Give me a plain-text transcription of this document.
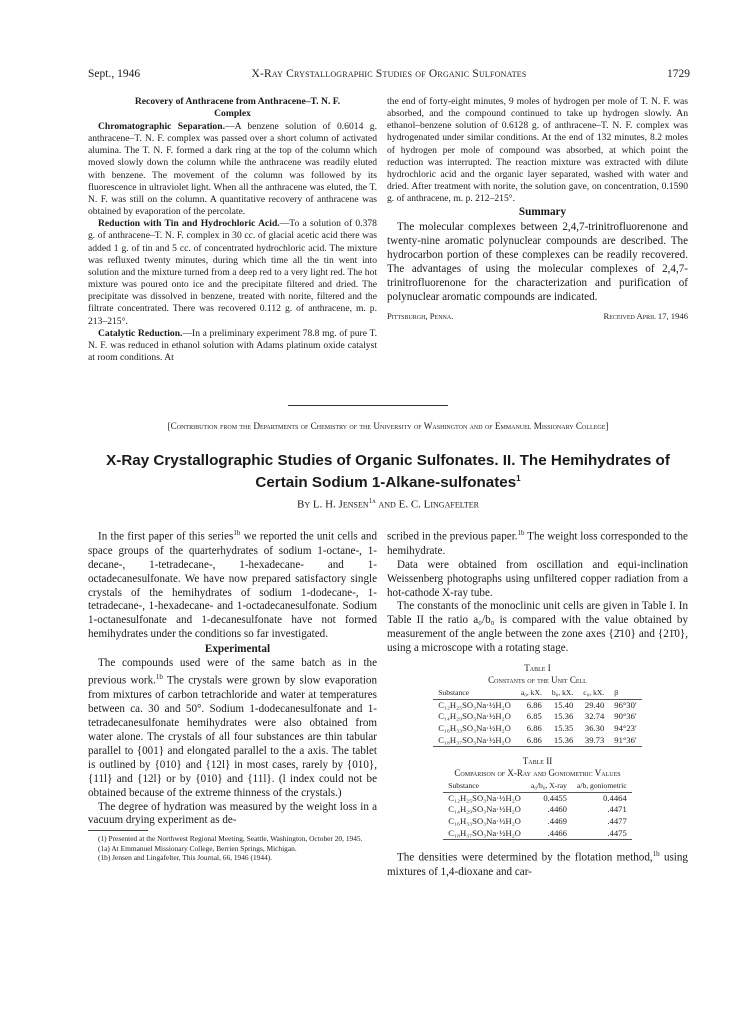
Sept., 1946	X-Ray Crystallographic Studies of Organic Sulfonates	1729

Recovery of Anthracene from Anthracene–T. N. F. Complex

Chromatographic Separation.—A benzene solution of 0.6014 g. anthracene–T. N. F. complex was passed over a short column of activated alumina. The T. N. F. formed a dark ring at the top of the column which moved slowly down the column while the anthracene was readily eluted with benzene. The movement of the column was followed by its fluorescence in ultraviolet light. When all the anthracene was eluted, the T. N. F. was still on the column. A quantitative recovery of anthracene was obtained by evaporation of the percolate.

Reduction with Tin and Hydrochloric Acid.—To a solution of 0.378 g. of anthracene–T. N. F. complex in 30 cc. of glacial acetic acid there was added 1 g. of tin and 5 cc. of concentrated hydrochloric acid. The mixture was refluxed twenty minutes, during which time all the tin went into solution and the mixture turned from a deep red to a very light red. The hot mixture was poured onto ice and the precipitate filtered and dried. The precipitate was dissolved in benzene, treated with norite, filtered and the filtrate concentrated. There was recovered 0.112 g. of anthracene, m. p. 213–215°.

Catalytic Reduction.—In a preliminary experiment 78.8 mg. of pure T. N. F. was reduced in ethanol solution with Adams platinum oxide catalyst at room conditions. At

the end of forty-eight minutes, 9 moles of hydrogen per mole of T. N. F. was absorbed, and the compound continued to take up hydrogen slowly. An ethanol–benzene solution of 0.6128 g. of anthracene–T. N. F. complex was hydrogenated under similar conditions. At the end of 132 minutes, 8.2 moles of hydrogen per mole of compound was absorbed, at which point the reduction was interrupted. The reaction mixture was extracted with dilute hydrochloric acid and the organic layer separated, washed with water and dried. After treatment with norite, the solution gave, on concentration, 0.1590 g. of anthracene, m. p. 212–215°.

Summary

The molecular complexes between 2,4,7-trinitrofluorenone and twenty-nine aromatic polynuclear compounds are described. The hydrocarbon portion of these complexes can be readily recovered. The advantages of using the molecular complexes of 2,4,7-trinitrofluorenone for the characterization and purification of polynuclear aromatic compounds are indicated.

Pittsburgh, Penna.	Received April 17, 1946
[Contribution from the Departments of Chemistry of the University of Washington and of Emmanuel Missionary College]
X-Ray Crystallographic Studies of Organic Sulfonates. II. The Hemihydrates of Certain Sodium 1-Alkane-sulfonates$^1$
By L. H. Jensen$^{1a}$ and E. C. Lingafelter

In the first paper of this series$^{1b}$ we reported the unit cells and space groups of the quarterhydrates of sodium 1-octane-, 1-decane-, 1-tetradecane-, 1-hexadecane- and 1-octadecanesulfonate. We have now prepared satisfactory single crystals of the hemihydrates of sodium 1-dodecane-, 1-tetradecane-, 1-hexadecane- and 1-octadecanesulfonate. Sodium 1-octanesulfonate and 1-decanesulfonate have not formed hemihydrates under the conditions so far investigated.

Experimental

The compounds used were of the same batch as in the previous work.$^{1b}$ The crystals were grown by slow evaporation from mixtures of carbon tetrachloride and water at temperatures between ca. 30 and 50°. Sodium 1-dodecanesulfonate and 1-tetradecanesulfonate hemihydrates were also obtained from water alone. The crystals of all four substances are thin tabular parallel to {001} and elongated parallel to the a axis. The tablet is outlined by {010} and {12l} in most cases, rarely by {010}, {11l} and {12l} or by {010} and {11l}. (l index could not be obtained because of the extreme thinness of the crystals.)

The degree of hydration was measured by the weight loss in a vacuum drying experiment as de-

(1) Presented at the Northwest Regional Meeting, Seattle, Washington, October 20, 1945.

(1a) At Emmanuel Missionary College, Berrien Springs, Michigan.

(1b) Jensen and Lingafelter, This Journal, 66, 1946 (1944).

scribed in the previous paper.$^{1b}$ The weight loss corresponded to the hemihydrate.

Data were obtained from oscillation and equi-inclination Weissenberg photographs using unfiltered copper radiation from a hot-cathode X-ray tube.

The constants of the monoclinic unit cells are given in Table I. In Table II the ratio a₀/b₀ is compared with the value obtained by measurement of the angle between the zone axes {2̄10} and {21̄0}, using a microscope with a rotating stage.

Table I
Constants of the Unit Cell
Substance	a₀, kX.	b₀, kX.	c₀, kX.	β
C₁₂H₂₅SO₃Na·½H₂O	6.86	15.40	29.40	96°30′
C₁₄H₂₉SO₃Na·½H₂O	6.85	15.36	32.74	90°36′
C₁₆H₃₃SO₃Na·½H₂O	6.86	15.35	36.30	94°23′
C₁₈H₃₇SO₃Na·½H₂O	6.86	15.36	39.73	91°36′
Table II
Comparison of X-Ray and Goniometric Values
Substance	a₀/b₀, X-ray	a/b, goniometric
C₁₂H₂₅SO₃Na·½H₂O	0.4455	0.4464
C₁₄H₂₉SO₃Na·½H₂O	.4460	.4471
C₁₆H₃₃SO₃Na·½H₂O	.4469	.4477
C₁₈H₃₇SO₃Na·½H₂O	.4466	.4475

The densities were determined by the flotation method,$^{1b}$ using mixtures of 1,4-dioxane and car-
